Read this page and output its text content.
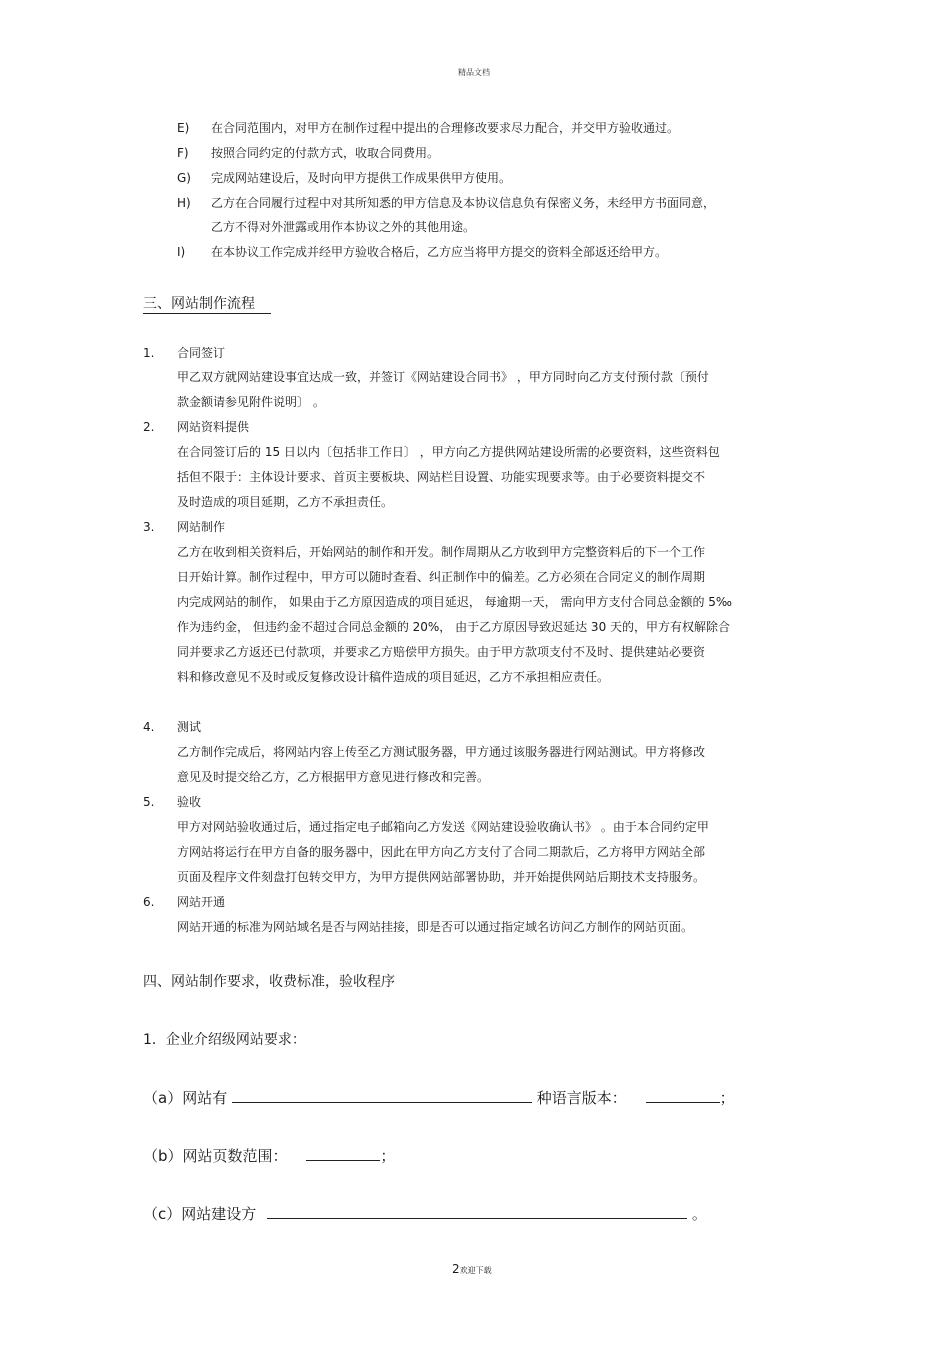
精品文档
E) 在合同范围内，对甲方在制作过程中提出的合理修改要求尽力配合，并交甲方验收通过。
F) 按照合同约定的付款方式，收取合同费用。
G) 完成网站建设后，及时向甲方提供工作成果供甲方使用。
H) 乙方在合同履行过程中对其所知悉的甲方信息及本协议信息负有保密义务，未经甲方书面同意，
乙方不得对外泄露或用作本协议之外的其他用途。
I) 在本协议工作完成并经甲方验收合格后，乙方应当将甲方提交的资料全部返还给甲方。
三、网站制作流程
1. 合同签订
甲乙双方就网站建设事宜达成一致，并签订《网站建设合同书》 ，甲方同时向乙方支付预付款〔预付
款金额请参见附件说明〕 。
2. 网站资料提供
在合同签订后的 15 日以内〔包括非工作日〕 ，甲方向乙方提供网站建设所需的必要资料，这些资料包
括但不限于：主体设计要求、首页主要板块、网站栏目设置、功能实现要求等。由于必要资料提交不
及时造成的项目延期，乙方不承担责任。
3. 网站制作
乙方在收到相关资料后，开始网站的制作和开发。制作周期从乙方收到甲方完整资料后的下一个工作
日开始计算。制作过程中，甲方可以随时查看、纠正制作中的偏差。乙方必须在合同定义的制作周期
内完成网站的制作， 如果由于乙方原因造成的项目延迟， 每逾期一天， 需向甲方支付合同总金额的 5‰
作为违约金， 但违约金不超过合同总金额的 20%， 由于乙方原因导致迟延达 30 天的，甲方有权解除合
同并要求乙方返还已付款项，并要求乙方赔偿甲方损失。由于甲方款项支付不及时、提供建站必要资
料和修改意见不及时或反复修改设计稿件造成的项目延迟，乙方不承担相应责任。
4. 测试
乙方制作完成后，将网站内容上传至乙方测试服务器，甲方通过该服务器进行网站测试。甲方将修改
意见及时提交给乙方，乙方根据甲方意见进行修改和完善。
5. 验收
甲方对网站验收通过后，通过指定电子邮箱向乙方发送《网站建设验收确认书》 。由于本合同约定甲
方网站将运行在甲方自备的服务器中，因此在甲方向乙方支付了合同二期款后，乙方将甲方网站全部
页面及程序文件刻盘打包转交甲方，为甲方提供网站部署协助，并开始提供网站后期技术支持服务。
6. 网站开通
网站开通的标准为网站域名是否与网站挂接，即是否可以通过指定域名访问乙方制作的网站页面。
四、网站制作要求，收费标准，验收程序
1．企业介绍级网站要求：
（a）网站有	种语言版本：	；
（b）网站页数范围：	；
（c）网站建设方	。
2欢迎下载
